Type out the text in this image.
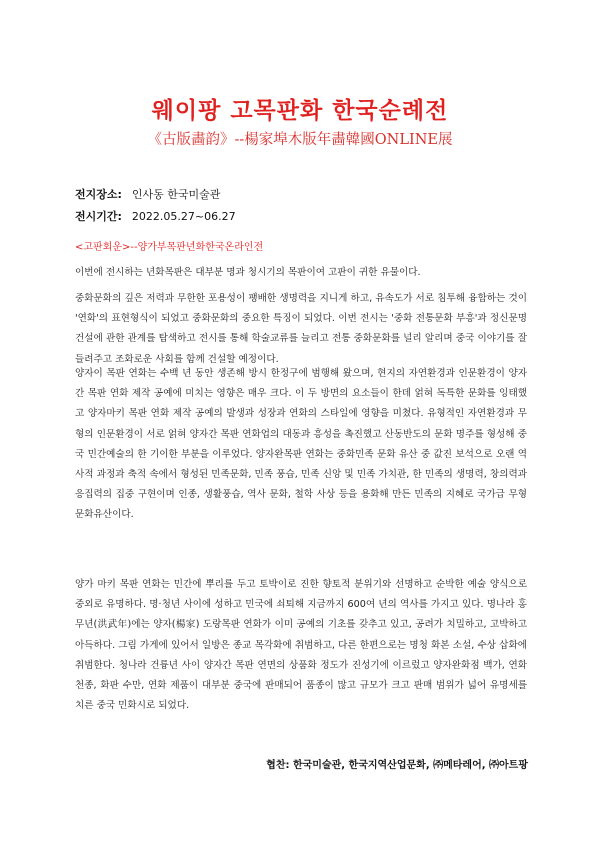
웨이팡 고목판화 한국순례전
《古版畵韵》--楊家埠木版年畵韓國ONLINE展
전지장소: 인사동 한국미술관
전시기간: 2022.05.27~06.27
<고판회운>--양가부목판년화한국온라인전

이번에 전시하는 년화목판은 대부분 명과 청시기의 목판이여 고판이 귀한 유물이다.

중화문화의 깊은 저력과 무한한 포용성이 팽배한 생명력을 지니게 하고, 유속도가 서로 침투해 융합하는 것이 '연화'의 표현형식이 되었고 중화문화의 중요한 특징이 되었다. 이번 전시는 '중화 전통문화 부흥'과 정신문명 건설에 관한 관계를 탐색하고 전시를 통해 학술교류를 늘리고 전통 중화문화를 널리 알리며 중국 이야기를 잘 들려주고 조화로운 사회를 함께 건설할 예정이다.

양자이 목판 연화는 수백 년 동안 생존해 방시 한정구에 범행해 왔으며, 현지의 자연환경과 인문환경이 양자간 목판 연화 제작 공예에 미치는 영향은 매우 크다. 이 두 방면의 요소들이 한데 얽혀 독특한 문화를 잉태했고 양자마키 목판 연화 제작 공예의 발생과 성장과 연화의 스타일에 영향을 미쳤다. 유형적인 자연환경과 무형의 인문환경이 서로 얽혀 양자간 목판 연화업의 대동과 흥성을 촉진했고 산동반도의 문화 명주를 형성해 중국 민간예술의 한 기이한 부분을 이루었다. 양자완목판 연화는 중화민족 문화 유산 중 값진 보석으로 오랜 역사적 과정과 축적 속에서 형성된 민족문화, 민족 풍습, 민족 신앙 및 민족 가치관, 한 민족의 생명력, 창의력과 응집력의 집중 구현이며 인종, 생활풍습, 역사 문화, 철학 사상 등을 용화해 만든 민족의 지혜로 국가급 무형문화유산이다.

양가 마키 목판 연화는 민간에 뿌리를 두고 토박이로 진한 향토적 분위기와 선명하고 순박한 예술 양식으로 중외로 유명하다. 명·청년 사이에 성하고 민국에 쇠퇴해 지금까지 600여 년의 역사를 가지고 있다. 명나라 홍무년(洪武年)에는 양자(楊家) 도랑목판 연화가 이미 공예의 기초를 갖추고 있고, 공려가 치밀하고, 고박하고 아득하다. 그림 가게에 있어서 일방은 종교 목각화에 취범하고, 다른 한편으로는 명청 화본 소설, 수상 삽화에 취범한다. 청나라 건륭년 사이 양자간 목판 연면의 상품화 정도가 진성기에 이르렀고 양자완화점 백가, 연화 천종, 화판 수만, 연화 제품이 대부분 중국에 판매되어 품종이 많고 규모가 크고 판매 범위가 넓어 유명세를 치른 중국 민화시로 되었다.

협찬: 한국미술관, 한국지역산업문화, ㈜메타레어, ㈜아트팡
